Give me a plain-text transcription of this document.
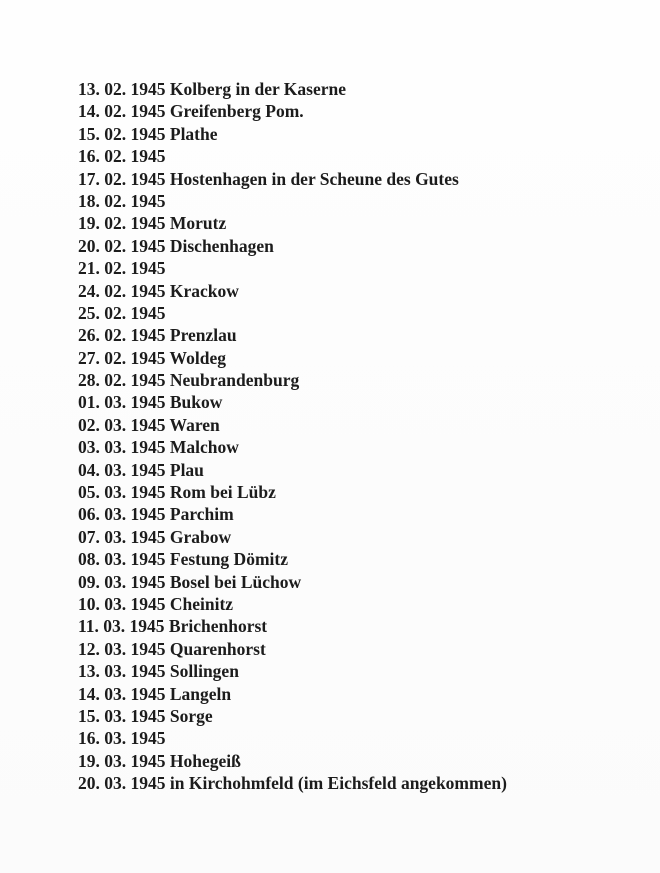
13. 02. 1945 Kolberg in der Kaserne
14. 02. 1945 Greifenberg Pom.
15. 02. 1945 Plathe
16. 02. 1945
17. 02. 1945 Hostenhagen in der Scheune des Gutes
18. 02. 1945
19. 02. 1945 Morutz
20. 02. 1945 Dischenhagen
21. 02. 1945
24. 02. 1945 Krackow
25. 02. 1945
26. 02. 1945 Prenzlau
27. 02. 1945 Woldeg
28. 02. 1945 Neubrandenburg
01. 03. 1945 Bukow
02. 03. 1945 Waren
03. 03. 1945 Malchow
04. 03. 1945 Plau
05. 03. 1945 Rom bei Lübz
06. 03. 1945 Parchim
07. 03. 1945 Grabow
08. 03. 1945 Festung Dömitz
09. 03. 1945 Bosel bei Lüchow
10. 03. 1945 Cheinitz
11. 03. 1945 Brichenhorst
12. 03. 1945 Quarenhorst
13. 03. 1945 Sollingen
14. 03. 1945 Langeln
15. 03. 1945 Sorge
16. 03. 1945
19. 03. 1945 Hohegeiß
20. 03. 1945 in Kirchohmfeld (im Eichsfeld angekommen)
